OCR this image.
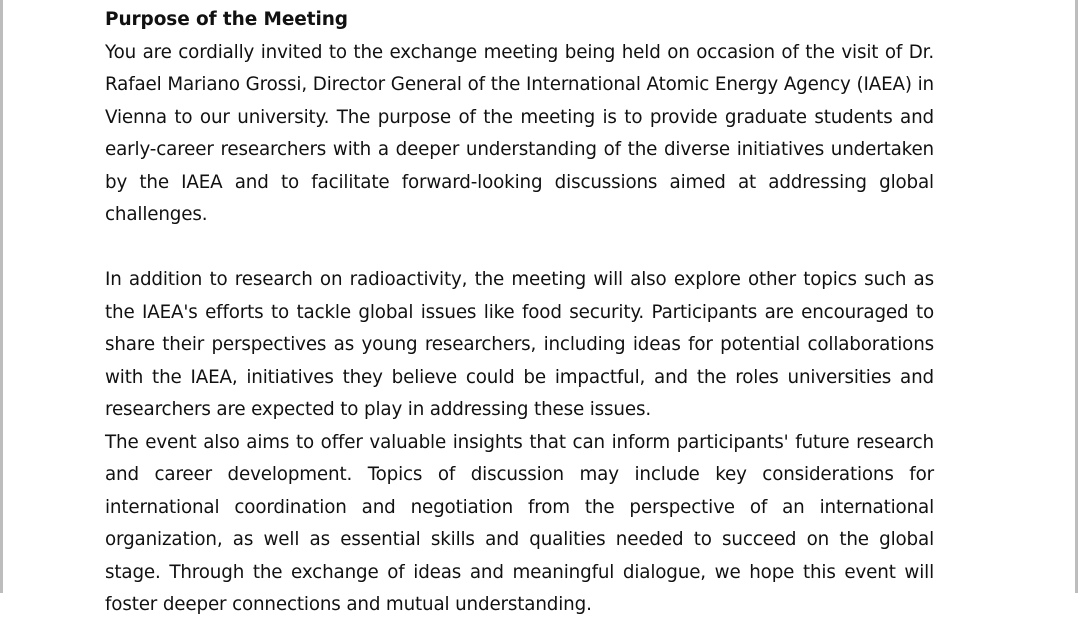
Purpose of the Meeting

You are cordially invited to the exchange meeting being held on occasion of the visit of Dr. Rafael Mariano Grossi, Director General of the International Atomic Energy Agency (IAEA) in Vienna to our university. The purpose of the meeting is to provide graduate students and early-career researchers with a deeper understanding of the diverse initiatives undertaken by the IAEA and to facilitate forward-looking discussions aimed at addressing global challenges.

In addition to research on radioactivity, the meeting will also explore other topics such as the IAEA's efforts to tackle global issues like food security. Participants are encouraged to share their perspectives as young researchers, including ideas for potential collaborations with the IAEA, initiatives they believe could be impactful, and the roles universities and researchers are expected to play in addressing these issues.

The event also aims to offer valuable insights that can inform participants' future research and career development. Topics of discussion may include key considerations for international coordination and negotiation from the perspective of an international organization, as well as essential skills and qualities needed to succeed on the global stage. Through the exchange of ideas and meaningful dialogue, we hope this event will foster deeper connections and mutual understanding.
